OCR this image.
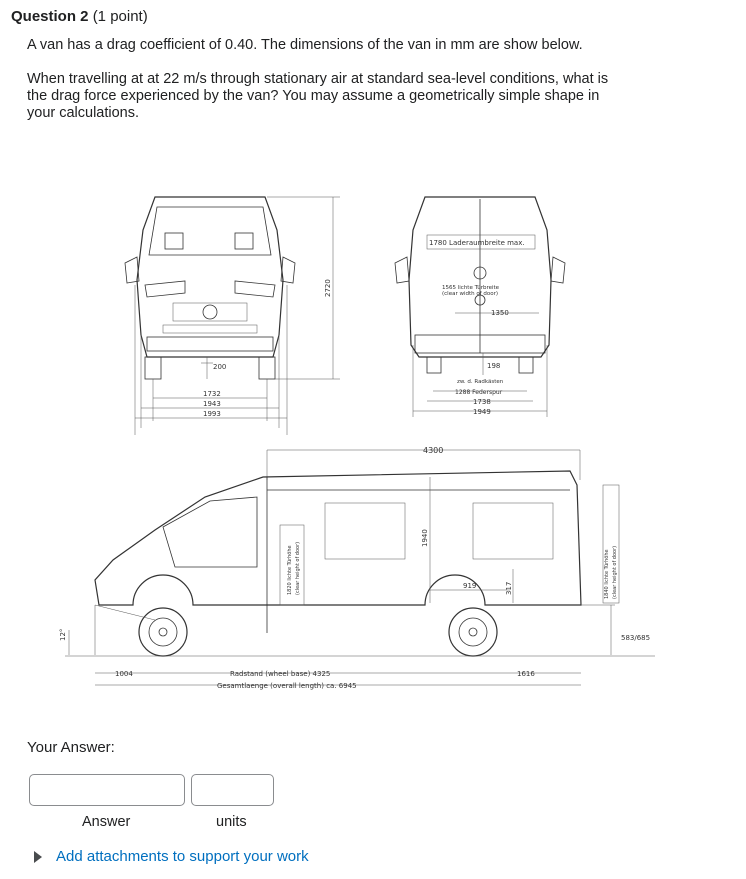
Question 2 (1 point)

A van has a drag coefficient of 0.40. The dimensions of the van in mm are show below.

When travelling at at 22 m/s through stationary air at standard sea-level conditions, what is the drag force experienced by the van? You may assume a geometrically simple shape in your calculations.

200
1732
1943
1993
2720
1780 Laderaumbreite max.
1565 lichte Türbreite
(clear width of door)
1350
198
zw. d. Radkästen
1288 Federspur
1738
1949
4300
1820 lichte Türhöhe (clear height of door)
1940
919	317	1840 lichte Türhöhe (clear height of door)
583/685
12°
1004	Radstand (wheel base) 4325	1616
Gesamtlaenge (overall length) ca. 6945
Your Answer:
Answer	units
Add attachments to support your work
